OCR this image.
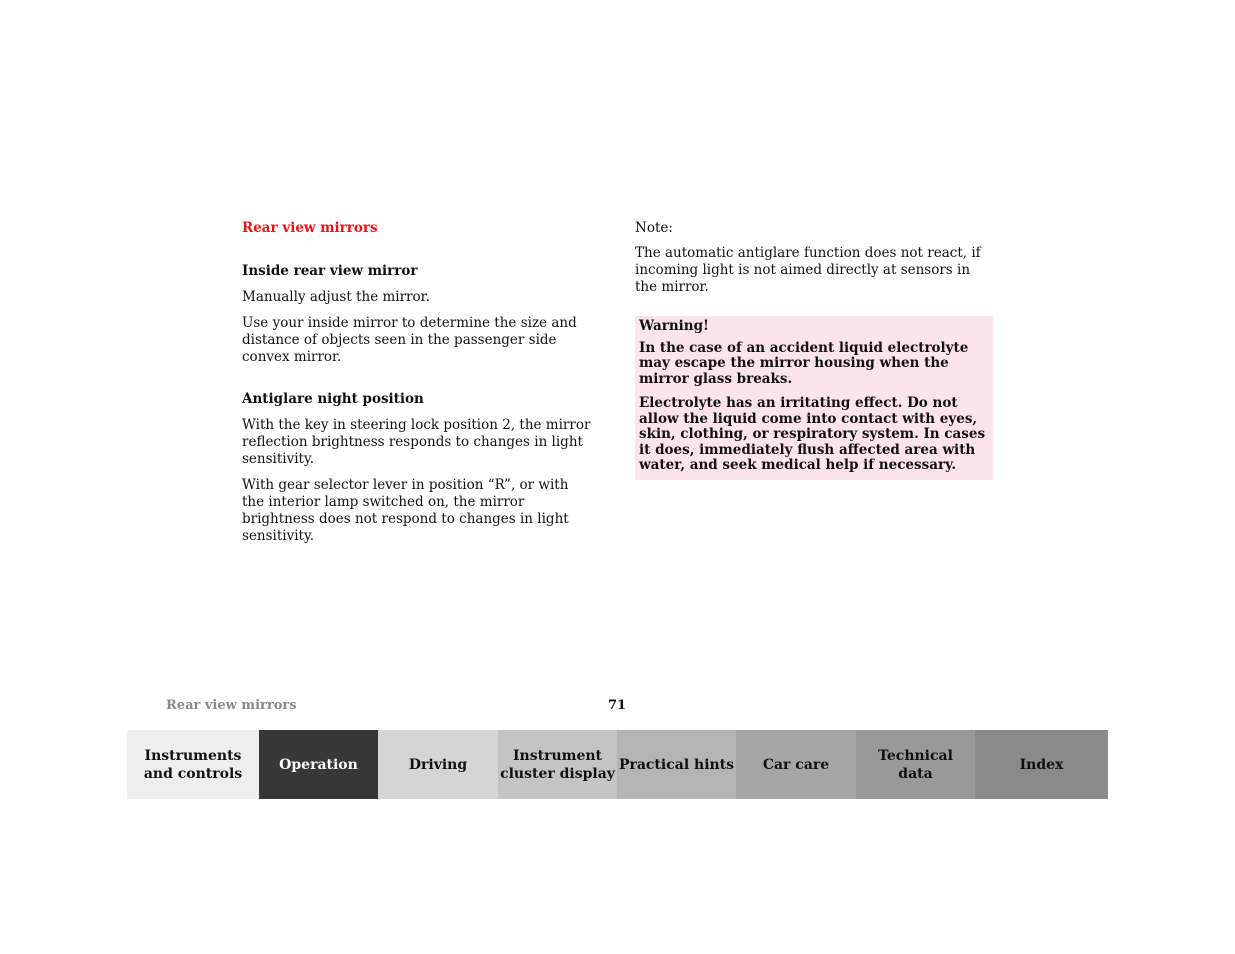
Rear view mirrors
Inside rear view mirror

Manually adjust the mirror.

Use your inside mirror to determine the size and distance of objects seen in the passenger side convex mirror.

Antiglare night position

With the key in steering lock position 2, the mirror reflection brightness responds to changes in light sensitivity.

With gear selector lever in position “R”, or with the interior lamp switched on, the mirror brightness does not respond to changes in light sensitivity.

Note:

The automatic antiglare function does not react, if incoming light is not aimed directly at sensors in the mirror.

Warning!

In the case of an accident liquid electrolyte may escape the mirror housing when the mirror glass breaks.

Electrolyte has an irritating effect. Do not allow the liquid come into contact with eyes, skin, clothing, or respiratory system. In cases it does, immediately flush affected area with water, and seek medical help if necessary.

Rear view mirrors	71
Instruments
and controls
Operation	Driving
Instrument
cluster display
Practical hints	Car care
Technical
data
Index
